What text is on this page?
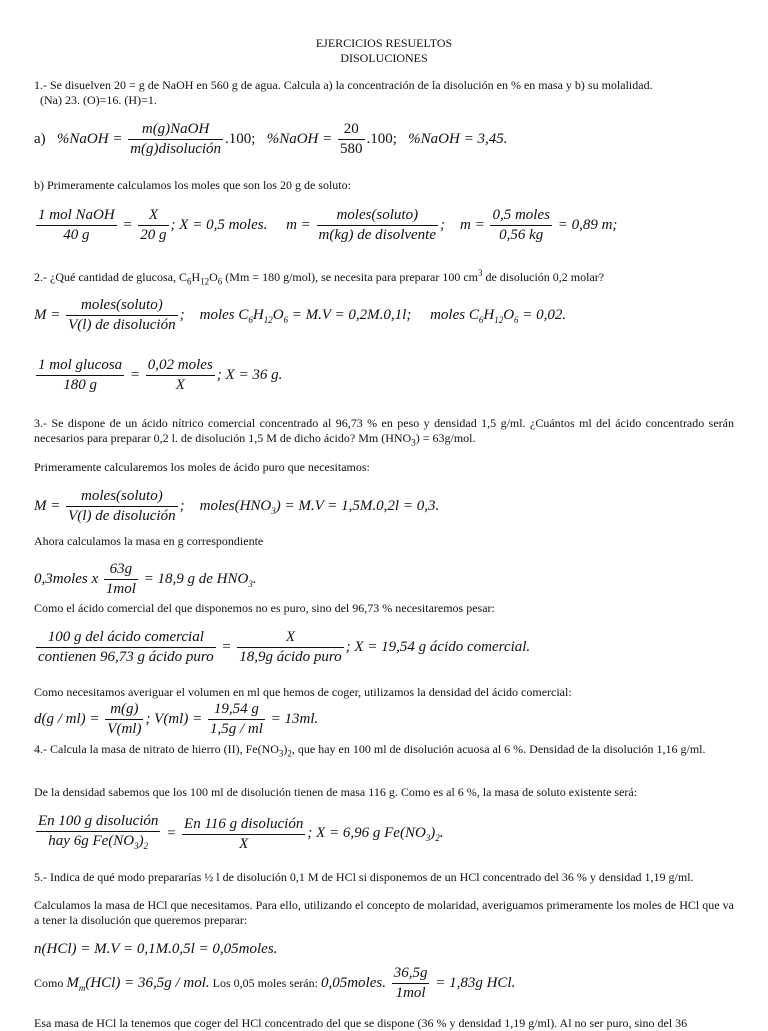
EJERCICIOS RESUELTOS
DISOLUCIONES
1.- Se disuelven 20 = g de NaOH en 560 g de agua. Calcula a) la concentración de la disolución en % en masa y b) su molalidad.
(Na) 23. (O)=16. (H)=1.
a) %NaOH = $\frac{\text{m(g)NaOH}}{\text{m(g)disolución}} .100$; %NaOH = $\frac{20}{580} .100$; %NaOH = 3,45.
b) Primeramente calculamos los moles que son los 20 g de soluto:
$\frac{\text{1 mol NaOH}}{40 g} = \frac{X}{20 g}$ ; X = 0,5 moles. $m = \frac{\text{moles(soluto)}}{\text{m(kg) de disolvente}}$ ; $m = \frac{\text{0,5 moles}}{0,56 kg} = 0,89$ m;
2.- ¿Qué cantidad de glucosa, $C_6H_{12}O_6$ (Mm = 180 g/mol), se necesita para preparar 100 $cm^3$ de disolución 0,2 molar?
$M = \frac{\text{moles(soluto)}}{\text{V(l) de disolución}}$ ; moles $C_6H_{12}O_6 = M.V = 0,2M.0,1l$; moles $C_6H_{12}O_6 = 0,02$.
$\frac{\text{1 mol glucosa}}{180 g} = \frac{\text{0,02 moles}}{X}$ ; X = 36 g.
3.- Se dispone de un ácido nítrico comercial concentrado al 96,73 % en peso y densidad 1,5 g/ml. ¿Cuántos ml del ácido concentrado serán necesarios para preparar 0,2 l. de disolución 1,5 M de dicho ácido? Mm $(HNO_3) = 63g/mol$.
Primeramente calcularemos los moles de ácido puro que necesitamos:
$M = \frac{\text{moles(soluto)}}{\text{V(l) de disolución}}$ ; $moles(HNO_3) = M.V = 1,5M.0,2l = 0,3$.
Ahora calculamos la masa en g correspondiente
0,3moles x $\frac{63g}{\text{1mol}} = 18,9$ g de $HNO_3$.
Como el ácido comercial del que disponemos no es puro, sino del 96,73 % necesitaremos pesar:
$\frac{\text{100 g del ácido comercial}}{\text{contienen 96,73 g ácido puro}} = \frac{X}{\text{18,9g ácido puro}}$ ; X = 19,54 g ácido comercial.
Como necesitamos averiguar el volumen en ml que hemos de coger, utilizamos la densidad del ácido comercial:
$d(g / ml) = \frac{m(g)}{V(ml)}$ ; $V(ml) = \frac{19,54 g}{1,5g / ml} = 13ml$.
4.- Calcula la masa de nitrato de hierro (II), $Fe(NO_3)_2$, que hay en 100 ml de disolución acuosa al 6 %. Densidad de la disolución 1,16 g/ml.
De la densidad sabemos que los 100 ml de disolución tienen de masa 116 g. Como es al 6 %, la masa de soluto existente será:
$\frac{\text{En 100 g disolución}}{hay 6g Fe(NO_3)_2} = \frac{\text{En 116 g disolución}}{X}$ ; X = 6,96 g $Fe(NO_3)_2$.
5.- Indica de qué modo prepararías ½ l de disolución 0,1 M de HCl si disponemos de un HCl concentrado del 36 % y densidad 1,19 g/ml.
Calculamos la masa de HCl que necesitamos. Para ello, utilizando el concepto de molaridad, averiguamos primeramente los moles de HCl que va a tener la disolución que queremos preparar:
n(HCl) = M.V = 0,1M.0,5l = 0,05moles.
Como $M_m(HCl) = 36,5g$ / mol. Los 0,05 moles serán: 0,05moles. $\frac{36,5g}{\text{1mol}} = 1,83g$ HCl.
Esa masa de HCl la tenemos que coger del HCl concentrado del que se dispone (36 % y densidad 1,19 g/ml). Al no ser puro, sino del 36
